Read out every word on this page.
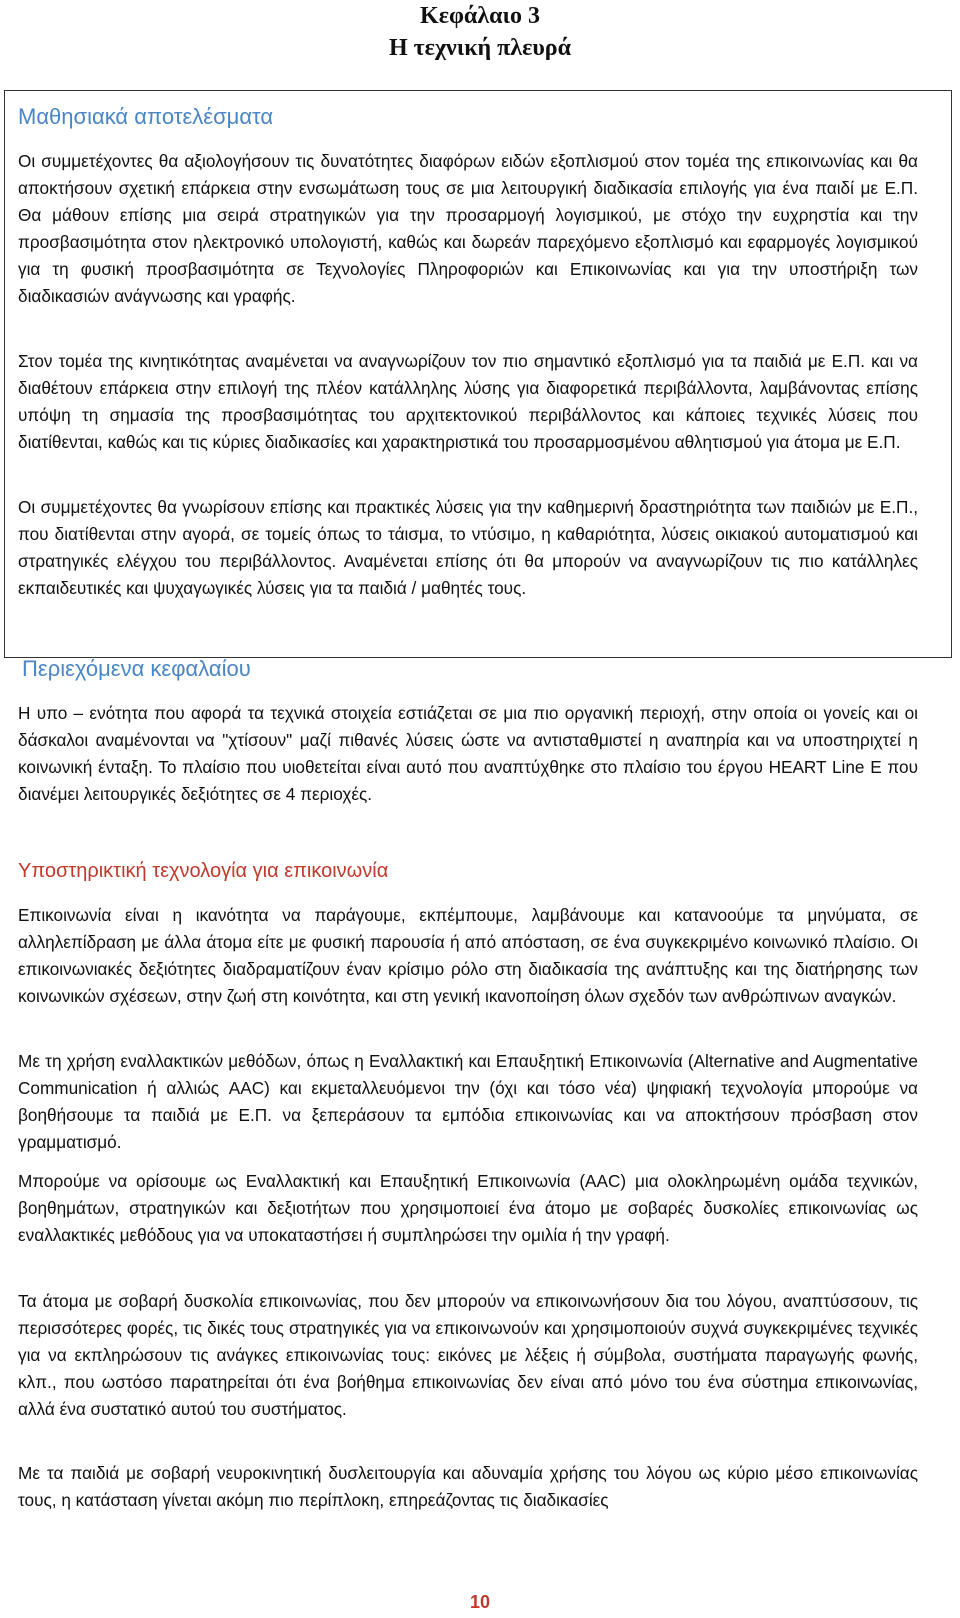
Κεφάλαιο 3
Η τεχνική πλευρά
Μαθησιακά αποτελέσματα

Οι συμμετέχοντες θα αξιολογήσουν τις δυνατότητες διαφόρων ειδών εξοπλισμού στον τομέα της επικοινωνίας και θα αποκτήσουν σχετική επάρκεια στην ενσωμάτωση τους σε μια λειτουργική διαδικασία επιλογής για ένα παιδί με Ε.Π. Θα μάθουν επίσης μια σειρά στρατηγικών για την προσαρμογή λογισμικού, με στόχο την ευχρηστία και την προσβασιμότητα στον ηλεκτρονικό υπολογιστή, καθώς και δωρεάν παρεχόμενο εξοπλισμό και εφαρμογές λογισμικού για τη φυσική προσβασιμότητα σε Τεχνολογίες Πληροφοριών και Επικοινωνίας και για την υποστήριξη των διαδικασιών ανάγνωσης και γραφής.

Στον τομέα της κινητικότητας αναμένεται να αναγνωρίζουν τον πιο σημαντικό εξοπλισμό για τα παιδιά με Ε.Π. και να διαθέτουν επάρκεια στην επιλογή της πλέον κατάλληλης λύσης για διαφορετικά περιβάλλοντα, λαμβάνοντας επίσης υπόψη τη σημασία της προσβασιμότητας του αρχιτεκτονικού περιβάλλοντος και κάποιες τεχνικές λύσεις που διατίθενται, καθώς και τις κύριες διαδικασίες και χαρακτηριστικά του προσαρμοσμένου αθλητισμού για άτομα με Ε.Π.

Οι συμμετέχοντες θα γνωρίσουν επίσης και πρακτικές λύσεις για την καθημερινή δραστηριότητα των παιδιών με Ε.Π., που διατίθενται στην αγορά, σε τομείς όπως το τάισμα, το ντύσιμο, η καθαριότητα, λύσεις οικιακού αυτοματισμού και στρατηγικές ελέγχου του περιβάλλοντος. Αναμένεται επίσης ότι θα μπορούν να αναγνωρίζουν τις πιο κατάλληλες εκπαιδευτικές και ψυχαγωγικές λύσεις για τα παιδιά / μαθητές τους.

Περιεχόμενα κεφαλαίου

Η υπο – ενότητα που αφορά τα τεχνικά στοιχεία εστιάζεται σε μια πιο οργανική περιοχή, στην οποία οι γονείς και οι δάσκαλοι αναμένονται να "χτίσουν" μαζί πιθανές λύσεις ώστε να αντισταθμιστεί η αναπηρία και να υποστηριχτεί η κοινωνική ένταξη. Το πλαίσιο που υιοθετείται είναι αυτό που αναπτύχθηκε στο πλαίσιο του έργου HEART Line E που διανέμει λειτουργικές δεξιότητες σε 4 περιοχές.

Υποστηρικτική τεχνολογία για επικοινωνία

Επικοινωνία είναι η ικανότητα να παράγουμε, εκπέμπουμε, λαμβάνουμε και κατανοούμε τα μηνύματα, σε αλληλεπίδραση με άλλα άτομα είτε με φυσική παρουσία ή από απόσταση, σε ένα συγκεκριμένο κοινωνικό πλαίσιο. Οι επικοινωνιακές δεξιότητες διαδραματίζουν έναν κρίσιμο ρόλο στη διαδικασία της ανάπτυξης και της διατήρησης των κοινωνικών σχέσεων, στην ζωή στη κοινότητα, και στη γενική ικανοποίηση όλων σχεδόν των ανθρώπινων αναγκών.

Με τη χρήση εναλλακτικών μεθόδων, όπως η Εναλλακτική και Επαυξητική Επικοινωνία (Alternative and Augmentative Communication ή αλλιώς AAC) και εκμεταλλευόμενοι την (όχι και τόσο νέα) ψηφιακή τεχνολογία μπορούμε να βοηθήσουμε τα παιδιά με Ε.Π. να ξεπεράσουν τα εμπόδια επικοινωνίας και να αποκτήσουν πρόσβαση στον γραμματισμό.

Μπορούμε να ορίσουμε ως Εναλλακτική και Επαυξητική Επικοινωνία (AAC) μια ολοκληρωμένη ομάδα τεχνικών, βοηθημάτων, στρατηγικών και δεξιοτήτων που χρησιμοποιεί ένα άτομο με σοβαρές δυσκολίες επικοινωνίας ως εναλλακτικές μεθόδους για να υποκαταστήσει ή συμπληρώσει την ομιλία ή την γραφή.

Τα άτομα με σοβαρή δυσκολία επικοινωνίας, που δεν μπορούν να επικοινωνήσουν δια του λόγου, αναπτύσσουν, τις περισσότερες φορές, τις δικές τους στρατηγικές για να επικοινωνούν και χρησιμοποιούν συχνά συγκεκριμένες τεχνικές για να εκπληρώσουν τις ανάγκες επικοινωνίας τους: εικόνες με λέξεις ή σύμβολα, συστήματα παραγωγής φωνής, κλπ., που ωστόσο παρατηρείται ότι ένα βοήθημα επικοινωνίας δεν είναι από μόνο του ένα σύστημα επικοινωνίας, αλλά ένα συστατικό αυτού του συστήματος.

Με τα παιδιά με σοβαρή νευροκινητική δυσλειτουργία και αδυναμία χρήσης του λόγου ως κύριο μέσο επικοινωνίας τους, η κατάσταση γίνεται ακόμη πιο περίπλοκη, επηρεάζοντας τις διαδικασίες

10
